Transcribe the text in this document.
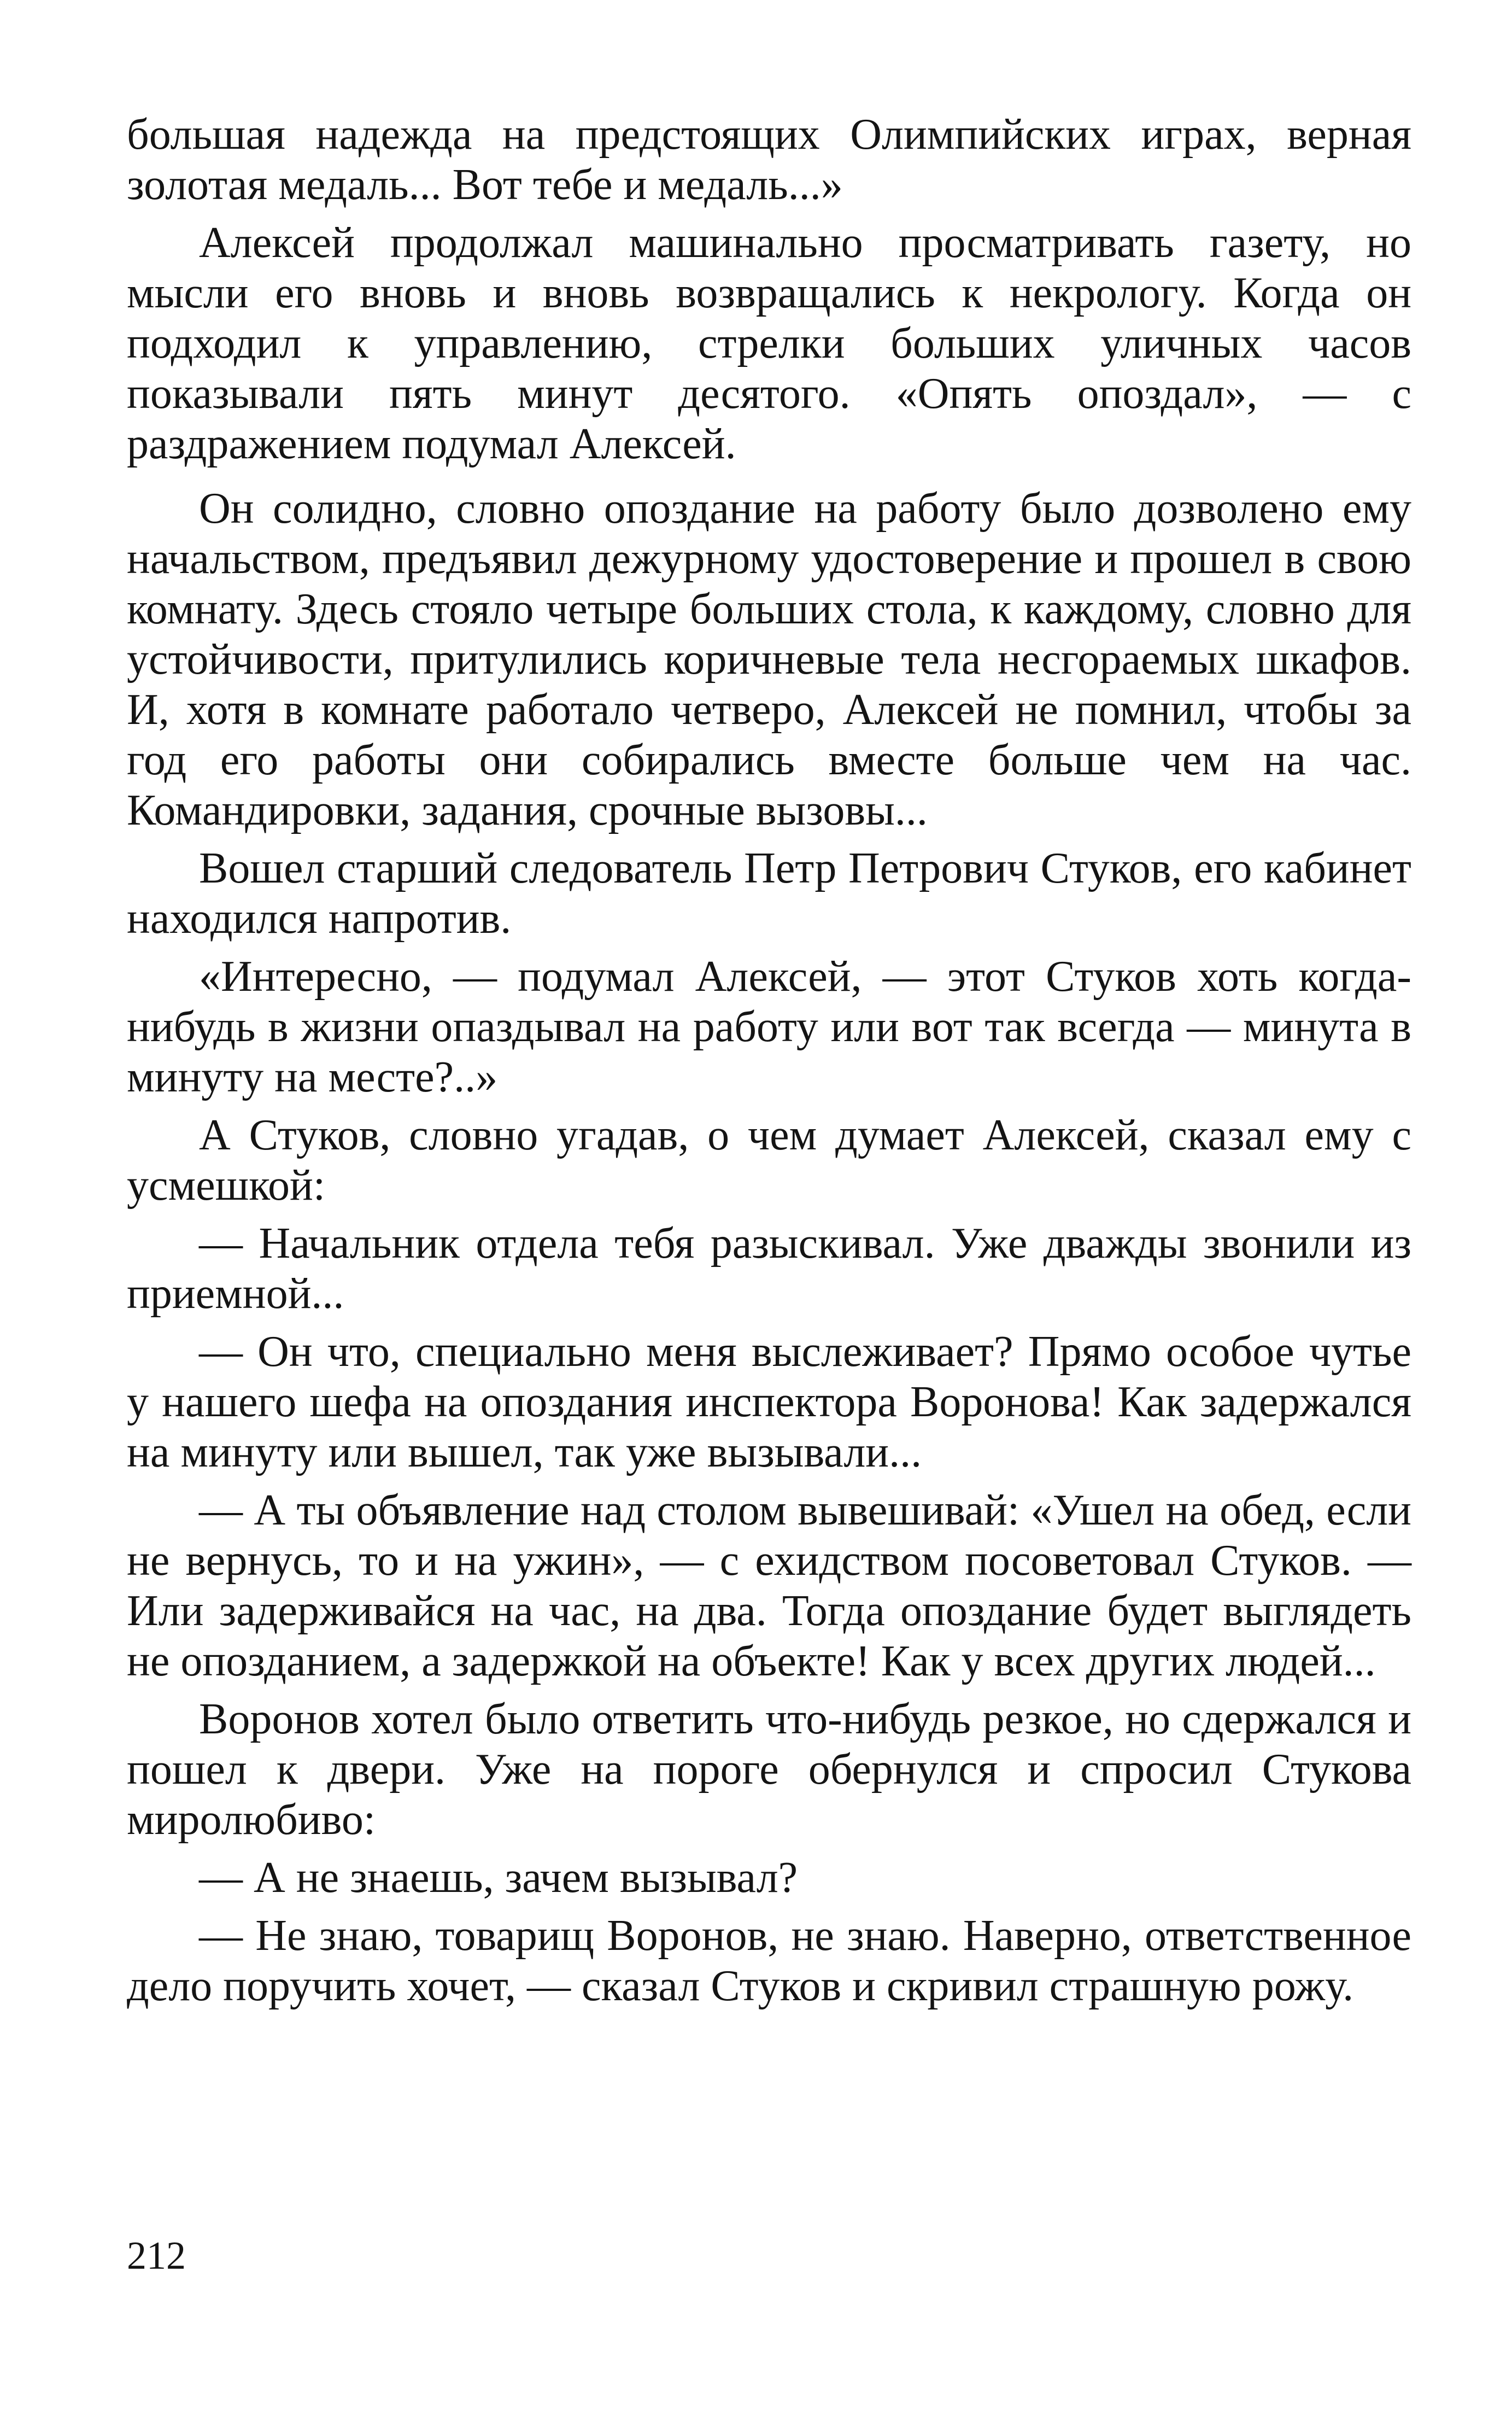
большая надежда на предстоящих Олимпийских играх, верная золотая медаль... Вот тебе и медаль...»

Алексей продолжал машинально просматривать газету, но мысли его вновь и вновь возвращались к некрологу. Когда он подходил к управлению, стрелки больших уличных часов показывали пять минут десятого. «Опять опоздал», — с раздражением подумал Алексей.

Он солидно, словно опоздание на работу было дозволено ему начальством, предъявил дежурному удостоверение и прошел в свою комнату. Здесь стояло четыре больших стола, к каждому, словно для устойчивости, притулились коричневые тела несгораемых шкафов. И, хотя в комнате работало четверо, Алексей не помнил, чтобы за год его работы они собирались вместе больше чем на час. Командировки, задания, срочные вызовы...

Вошел старший следователь Петр Петрович Стуков, его кабинет находился напротив.

«Интересно, — подумал Алексей, — этот Стуков хоть когда-нибудь в жизни опаздывал на работу или вот так всегда — минута в минуту на месте?..»

А Стуков, словно угадав, о чем думает Алексей, сказал ему с усмешкой:

— Начальник отдела тебя разыскивал. Уже дважды звонили из приемной...

— Он что, специально меня выслеживает? Прямо особое чутье у нашего шефа на опоздания инспектора Воронова! Как задержался на минуту или вышел, так уже вызывали...

— А ты объявление над столом вывешивай: «Ушел на обед, если не вернусь, то и на ужин», — с ехидством посоветовал Стуков. — Или задерживайся на час, на два. Тогда опоздание будет выглядеть не опозданием, а задержкой на объекте! Как у всех других людей...

Воронов хотел было ответить что-нибудь резкое, но сдержался и пошел к двери. Уже на пороге обернулся и спросил Стукова миролюбиво:

— А не знаешь, зачем вызывал?

— Не знаю, товарищ Воронов, не знаю. Наверно, ответственное дело поручить хочет, — сказал Стуков и скривил страшную рожу.

212
